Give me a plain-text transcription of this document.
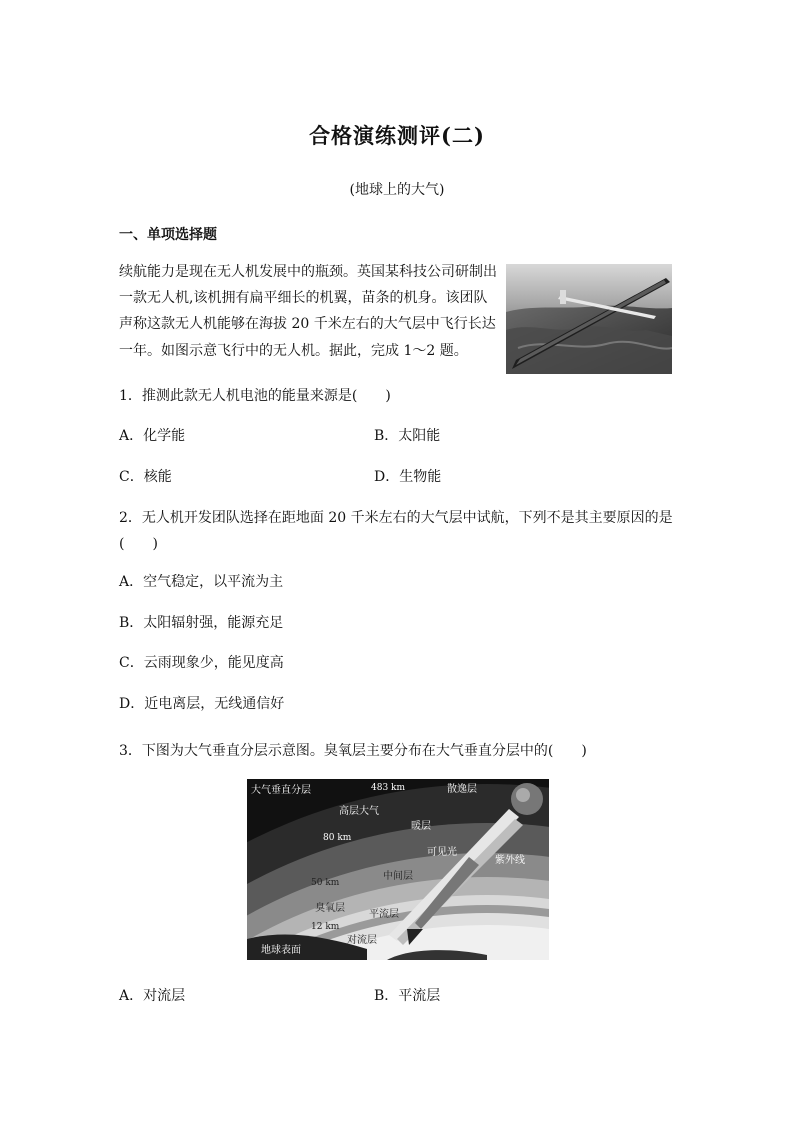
合格演练测评(二)
(地球上的大气)
一、单项选择题
续航能力是现在无人机发展中的瓶颈。英国某科技公司研制出
一款无人机,该机拥有扁平细长的机翼，苗条的机身。该团队
声称这款无人机能够在海拔 20 千米左右的大气层中飞行长达
一年。如图示意飞行中的无人机。据此，完成 1～2 题。
1．推测此款无人机电池的能量来源是(　　)
A．化学能	B．太阳能
C．核能	D．生物能
2．无人机开发团队选择在距地面 20 千米左右的大气层中试航，下列不是其主要原因的是
(　　)
A．空气稳定，以平流为主
B．太阳辐射强，能源充足
C．云雨现象少，能见度高
D．近电离层，无线通信好
3．下图为大气垂直分层示意图。臭氧层主要分布在大气垂直分层中的(　　)
大气垂直分层	483 km	散逸层
高层大气
暖层
80 km
可见光
紫外线
中间层
50 km
臭氧层
平流层
12 km
对流层
地球表面
A．对流层	B．平流层
